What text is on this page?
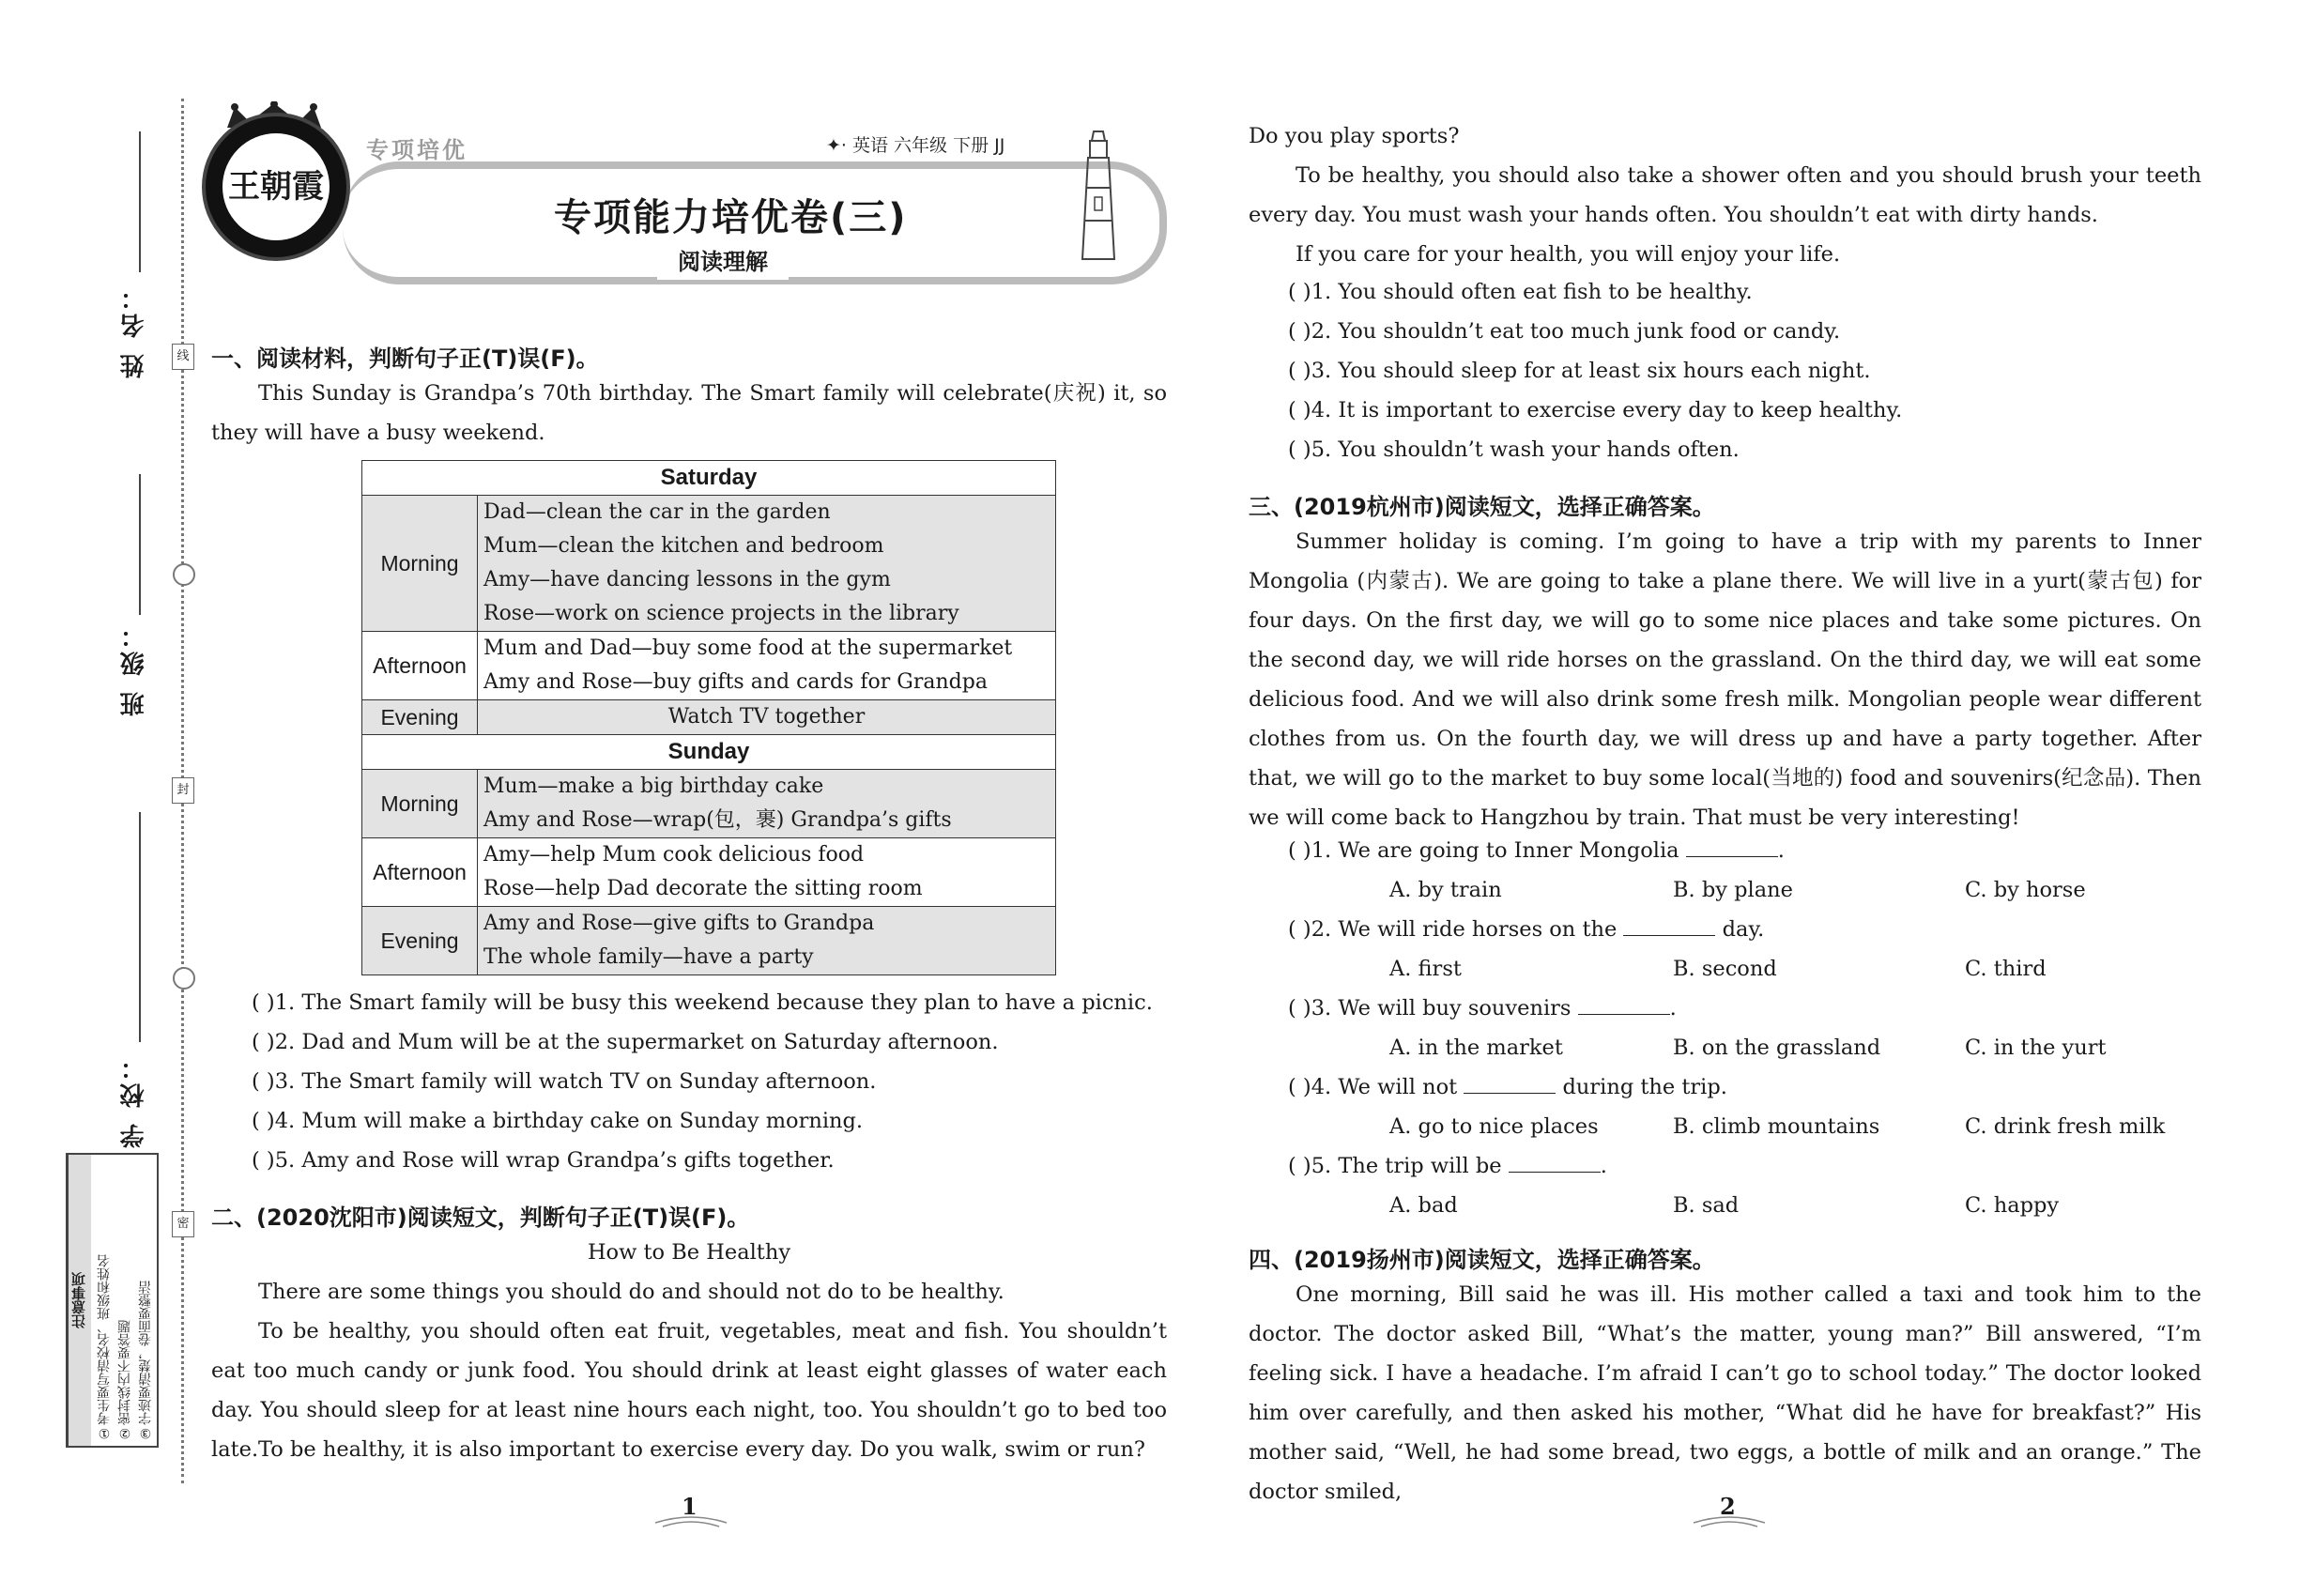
姓 名：
班 级：
学 校：
线
封
密
注意事项 ①考生要写清校名、班级和姓名 ②密封线内不要答题 ③字迹要清楚，卷面要整洁
王朝霞
专项培优	✦· 英语 六年级 下册 JJ
专项能力培优卷(三)
阅读理解
一、阅读材料，判断句子正(T)误(F)。
This Sunday is Grandpa’s 70th birthday. The Smart family will celebrate(庆祝) it, so they will have a busy weekend.
Saturday	
Morning	Dad—clean the car in the garden
Mum—clean the kitchen and bedroom
Amy—have dancing lessons in the gym
Rose—work on science projects in the library

Afternoon	Mum and Dad—buy some food at the supermarket
Amy and Rose—buy gifts and cards for Grandpa

Evening	Watch TV together
Sunday	
Morning	Mum—make a big birthday cake
Amy and Rose—wrap(包，裹) Grandpa’s gifts

Afternoon	Amy—help Mum cook delicious food
Rose—help Dad decorate the sitting room

Evening	Amy and Rose—give gifts to Grandpa
The whole family—have a party
( )1. The Smart family will be busy this weekend because they plan to have a picnic.
( )2. Dad and Mum will be at the supermarket on Saturday afternoon.
( )3. The Smart family will watch TV on Sunday afternoon.
( )4. Mum will make a birthday cake on Sunday morning.
( )5. Amy and Rose will wrap Grandpa’s gifts together.
二、(2020沈阳市)阅读短文，判断句子正(T)误(F)。
How to Be Healthy
There are some things you should do and should not do to be healthy.
To be healthy, you should often eat fruit, vegetables, meat and fish. You shouldn’t eat too much candy or junk food. You should drink at least eight glasses of water each day. You should sleep for at least nine hours each night, too. You shouldn’t go to bed too late. To be healthy, it is also important to exercise every day. Do you walk, swim or run?
1
Do you play sports?
To be healthy, you should also take a shower often and you should brush your teeth every day. You must wash your hands often. You shouldn’t eat with dirty hands.
If you care for your health, you will enjoy your life.
( )1. You should often eat fish to be healthy.
( )2. You shouldn’t eat too much junk food or candy.
( )3. You should sleep for at least six hours each night.
( )4. It is important to exercise every day to keep healthy.
( )5. You shouldn’t wash your hands often.
三、(2019杭州市)阅读短文，选择正确答案。
Summer holiday is coming. I’m going to have a trip with my parents to Inner Mongolia (内蒙古). We are going to take a plane there. We will live in a yurt(蒙古包) for four days. On the first day, we will go to some nice places and take some pictures. On the second day, we will ride horses on the grassland. On the third day, we will eat some delicious food. And we will also drink some fresh milk. Mongolian people wear different clothes from us. On the fourth day, we will dress up and have a party together. After that, we will go to the market to buy some local(当地的) food and souvenirs(纪念品). Then we will come back to Hangzhou by train. That must be very interesting!
( )1. We are going to Inner Mongolia	.
A. by train	B. by plane	C. by horse
( )2. We will ride horses on the	day.
A. first	B. second	C. third
( )3. We will buy souvenirs	.
A. in the market	B. on the grassland	C. in the yurt
( )4. We will not	during the trip.
A. go to nice places	B. climb mountains	C. drink fresh milk
( )5. The trip will be	.
A. bad	B. sad	C. happy
四、(2019扬州市)阅读短文，选择正确答案。
One morning, Bill said he was ill. His mother called a taxi and took him to the doctor. The doctor asked Bill, “What’s the matter, young man?” Bill answered, “I’m feeling sick. I have a headache. I’m afraid I can’t go to school today.” The doctor looked him over carefully, and then asked his mother, “What did he have for breakfast?” His mother said, “Well, he had some bread, two eggs, a bottle of milk and an orange.” The doctor smiled,
2
